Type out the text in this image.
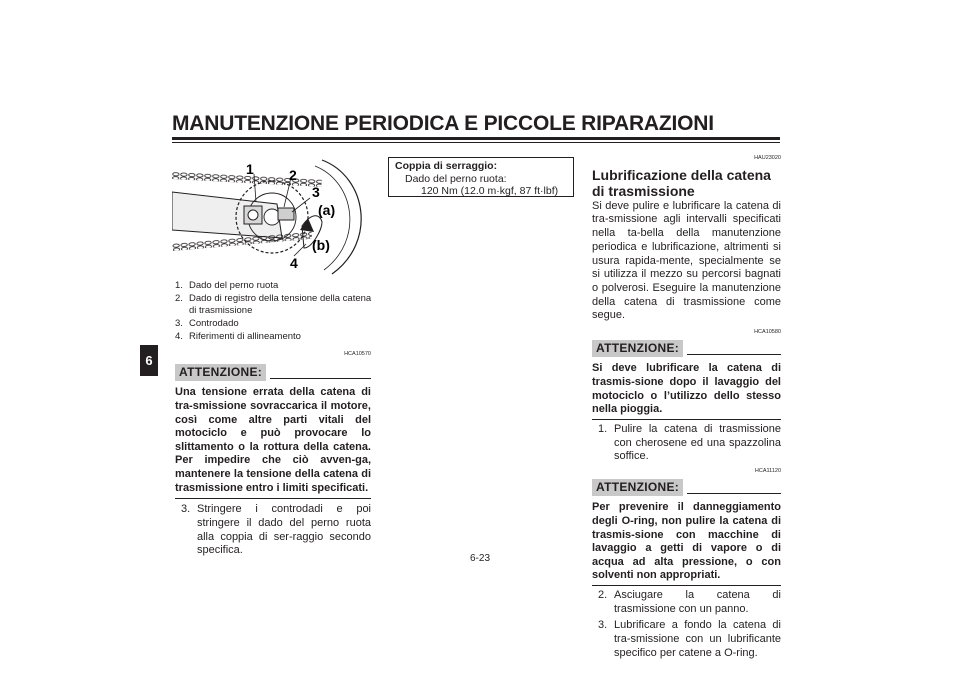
MANUTENZIONE PERIODICA E PICCOLE RIPARAZIONI
6
1	2
3
4
(a)
(b)
1. Dado del perno ruota
2. Dado di registro della tensione della catena di trasmissione
3. Controdado
4. Riferimenti di allineamento
HCA10570
ATTENZIONE:
Una tensione errata della catena di tra-smissione sovraccarica il motore, così come altre parti vitali del motociclo e può provocare lo slittamento o la rottura della catena. Per impedire che ciò avven-ga, mantenere la tensione della catena di trasmissione entro i limiti specificati.
3. Stringere i controdadi e poi stringere il dado del perno ruota alla coppia di ser-raggio secondo specifica.
Coppia di serraggio:
Dado del perno ruota:
120 Nm (12.0 m·kgf, 87 ft·lbf)
HAU23020
Lubrificazione della catena di trasmissione
Si deve pulire e lubrificare la catena di tra-smissione agli intervalli specificati nella ta-bella della manutenzione periodica e lubrificazione, altrimenti si usura rapida-mente, specialmente se si utilizza il mezzo su percorsi bagnati o polverosi. Eseguire la manutenzione della catena di trasmissione come segue.
HCA10580
ATTENZIONE:
Si deve lubrificare la catena di trasmis-sione dopo il lavaggio del motociclo o l’utilizzo dello stesso nella pioggia.
1. Pulire la catena di trasmissione con cherosene ed una spazzolina soffice.
HCA11120
ATTENZIONE:
Per prevenire il danneggiamento degli O-ring, non pulire la catena di trasmis-sione con macchine di lavaggio a getti di vapore o di acqua ad alta pressione, o con solventi non appropriati.
2. Asciugare la catena di trasmissione con un panno.
3. Lubrificare a fondo la catena di tra-smissione con un lubrificante specifico per catene a O-ring.
6-23
